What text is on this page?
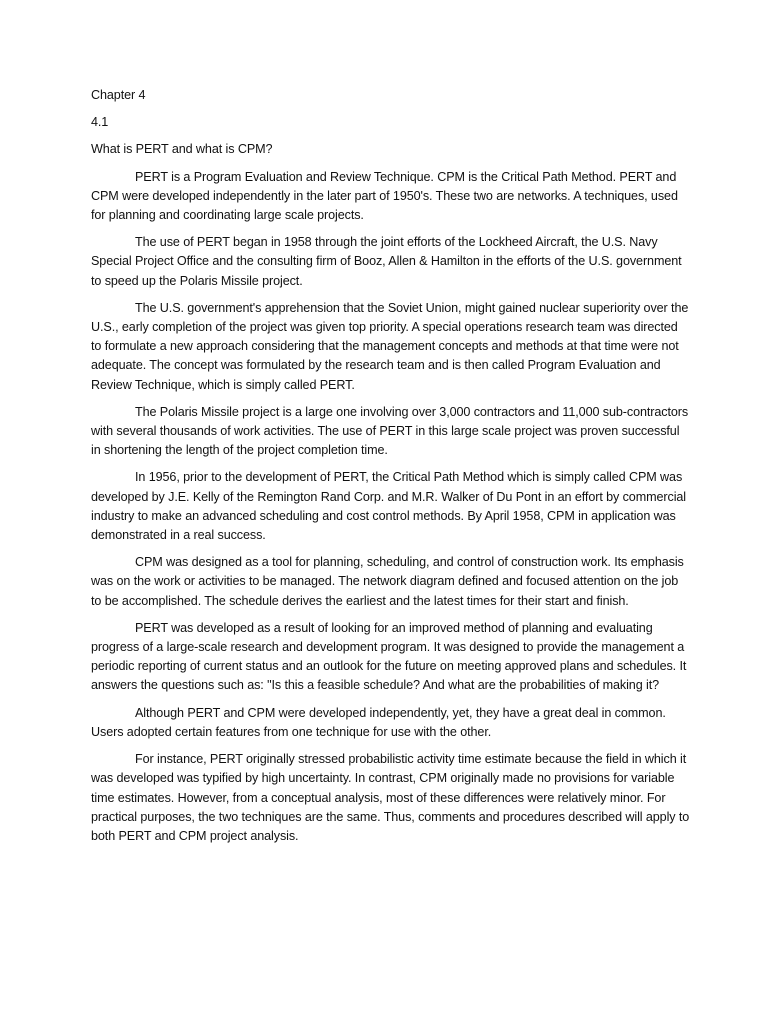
Chapter 4

4.1

What is PERT and what is CPM?

PERT is a Program Evaluation and Review Technique. CPM is the Critical Path Method. PERT and CPM were developed independently in the later part of 1950's. These two are networks. A techniques, used for planning and coordinating large scale projects.

The use of PERT began in 1958 through the joint efforts of the Lockheed Aircraft, the U.S. Navy Special Project Office and the consulting firm of Booz, Allen & Hamilton in the efforts of the U.S. government to speed up the Polaris Missile project.

The U.S. government's apprehension that the Soviet Union, might gained nuclear superiority over the U.S., early completion of the project was given top priority. A special operations research team was directed to formulate a new approach considering that the management concepts and methods at that time were not adequate. The concept was formulated by the research team and is then called Program Evaluation and Review Technique, which is simply called PERT.

The Polaris Missile project is a large one involving over 3,000 contractors and 11,000 sub-contractors with several thousands of work activities. The use of PERT in this large scale project was proven successful in shortening the length of the project completion time.

In 1956, prior to the development of PERT, the Critical Path Method which is simply called CPM was developed by J.E. Kelly of the Remington Rand Corp. and M.R. Walker of Du Pont in an effort by commercial industry to make an advanced scheduling and cost control methods. By April 1958, CPM in application was demonstrated in a real success.

CPM was designed as a tool for planning, scheduling, and control of construction work. Its emphasis was on the work or activities to be managed. The network diagram defined and focused attention on the job to be accomplished. The schedule derives the earliest and the latest times for their start and finish.

PERT was developed as a result of looking for an improved method of planning and evaluating progress of a large-scale research and development program. It was designed to provide the management a periodic reporting of current status and an outlook for the future on meeting approved plans and schedules. It answers the questions such as: "Is this a feasible schedule? And what are the probabilities of making it?

Although PERT and CPM were developed independently, yet, they have a great deal in common. Users adopted certain features from one technique for use with the other.

For instance, PERT originally stressed probabilistic activity time estimate because the field in which it was developed was typified by high uncertainty. In contrast, CPM originally made no provisions for variable time estimates. However, from a conceptual analysis, most of these differences were relatively minor. For practical purposes, the two techniques are the same. Thus, comments and procedures described will apply to both PERT and CPM project analysis.
